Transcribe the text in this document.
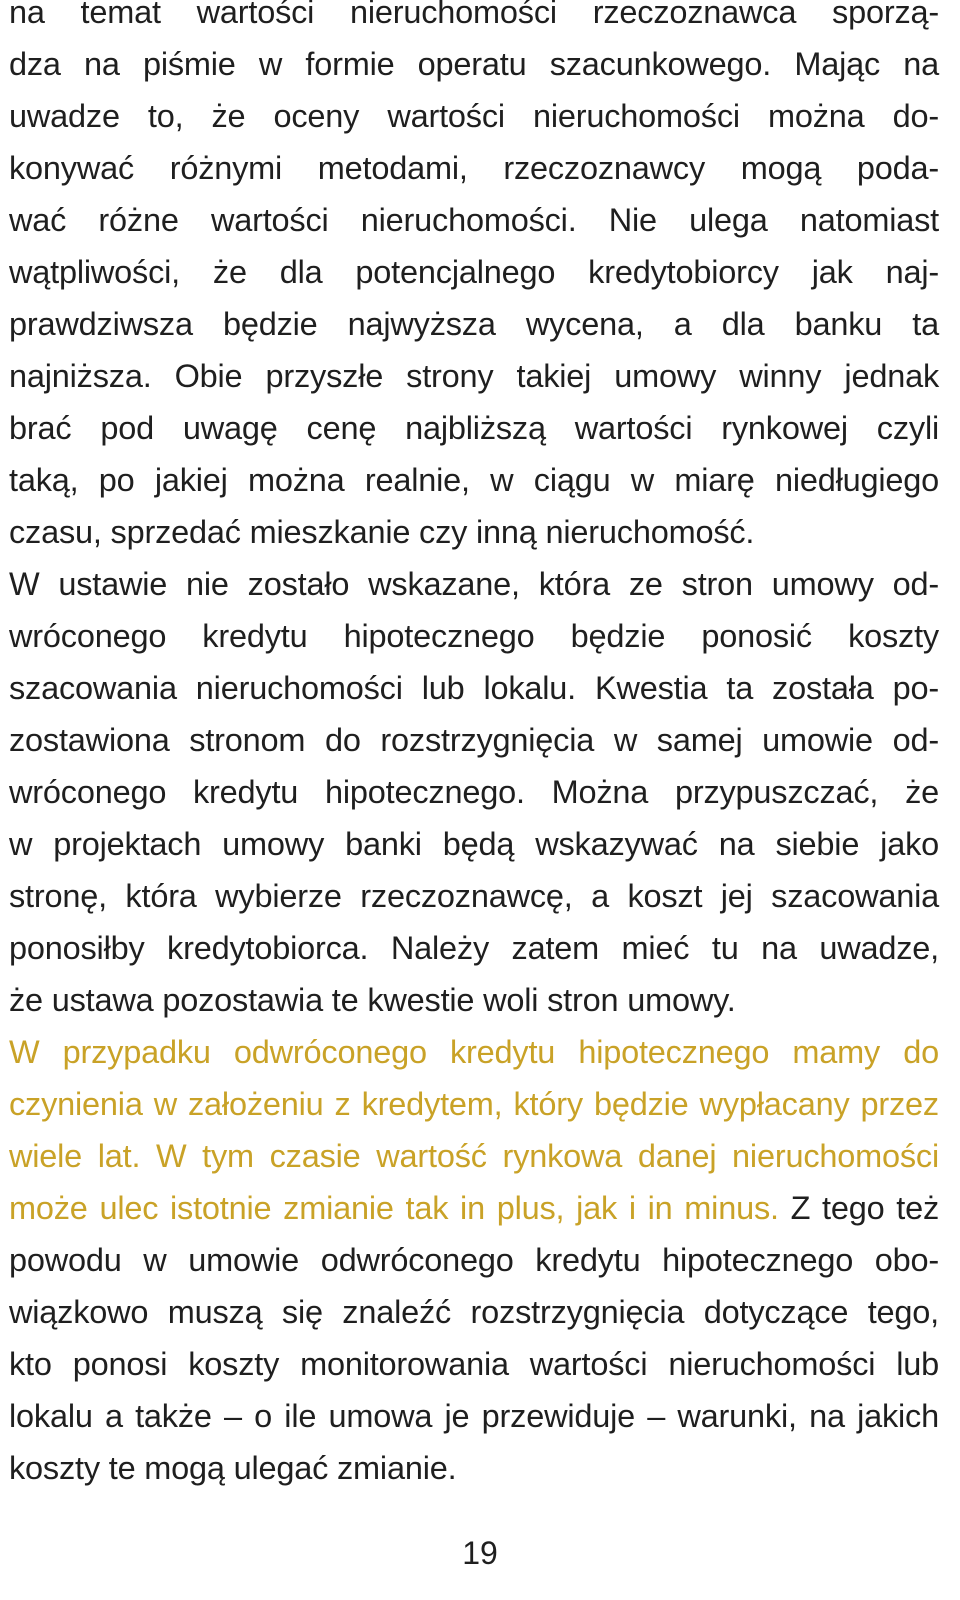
na temat wartości nieruchomości rzeczoznawca sporzą-
dza na piśmie w formie operatu szacunkowego. Mając na
uwadze to, że oceny wartości nieruchomości można do-
konywać różnymi metodami, rzeczoznawcy mogą poda-
wać różne wartości nieruchomości. Nie ulega natomiast
wątpliwości, że dla potencjalnego kredytobiorcy jak naj-
prawdziwsza będzie najwyższa wycena, a dla banku ta
najniższa. Obie przyszłe strony takiej umowy winny jednak
brać pod uwagę cenę najbliższą wartości rynkowej czyli
taką, po jakiej można realnie, w ciągu w miarę niedługiego
czasu, sprzedać mieszkanie czy inną nieruchomość.
W ustawie nie zostało wskazane, która ze stron umowy od-
wróconego kredytu hipotecznego będzie ponosić koszty
szacowania nieruchomości lub lokalu. Kwestia ta została po-
zostawiona stronom do rozstrzygnięcia w samej umowie od-
wróconego kredytu hipotecznego. Można przypuszczać, że
w projektach umowy banki będą wskazywać na siebie jako
stronę, która wybierze rzeczoznawcę, a koszt jej szacowania
ponosiłby kredytobiorca. Należy zatem mieć tu na uwadze,
że ustawa pozostawia te kwestie woli stron umowy.
W przypadku odwróconego kredytu hipotecznego mamy do
czynienia w założeniu z kredytem, który będzie wypłacany przez
wiele lat. W tym czasie wartość rynkowa danej nieruchomości
może ulec istotnie zmianie tak in plus, jak i in minus. Z tego też
powodu w umowie odwróconego kredytu hipotecznego obo-
wiązkowo muszą się znaleźć rozstrzygnięcia dotyczące tego,
kto ponosi koszty monitorowania wartości nieruchomości lub
lokalu a także – o ile umowa je przewiduje – warunki, na jakich
koszty te mogą ulegać zmianie.
19
